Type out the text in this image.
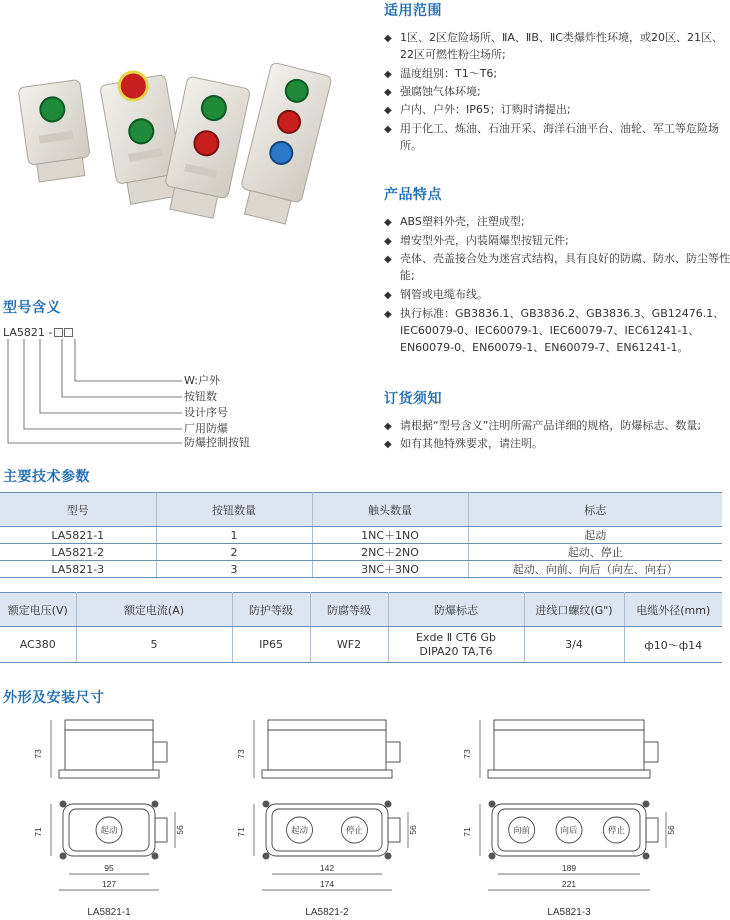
适用范围
◆ 1区、2区危险场所、ⅡA、ⅡB、ⅡC类爆炸性环境，或20区、21区、22区可燃性粉尘场所;
◆ 温度组别：T1～T6;
◆ 强腐蚀气体环境;
◆ 户内、户外：IP65；订购时请提出;
◆ 用于化工、炼油、石油开采、海洋石油平台、油轮、军工等危险场所。
产品特点
◆ ABS塑料外壳，注塑成型;
◆ 增安型外壳，内装隔爆型按钮元件;
◆ 壳体、壳盖接合处为迷宫式结构，具有良好的防腐、防水、防尘等性能;
◆ 钢管或电缆布线。
◆ 执行标准：GB3836.1、GB3836.2、GB3836.3、GB12476.1、IEC60079-0、IEC60079-1、IEC60079-7、IEC61241-1、EN60079-0、EN60079-1、EN60079-7、EN61241-1。
订货须知
◆ 请根据“型号含义”注明所需产品详细的规格，防爆标志、数量;
◆ 如有其他特殊要求，请注明。
型号含义
LA5821 -
W:户外
按钮数
设计序号
厂用防爆
防爆控制按钮
主要技术参数
型号	按钮数量	触头数量	标志
LA5821-1	1	1NC＋1NO	起动
LA5821-2	2	2NC＋2NO	起动、停止
LA5821-3	3	3NC＋3NO	起动、向前、向后（向左、向右）
额定电压(V)	额定电流(A)	防护等级	防腐等级	防爆标志	进线口螺纹(G")	电缆外径(mm)
AC380	5	IP65	WF2	Exde Ⅱ CT6 Gb
DIPA20 TA,T6	3/4	ф10～ф14
外形及安装尺寸
73
起动
71	56
95
127
LA5821-1
73
起动	停止
71	56
142
174
LA5821-2
73
向前	向后	停止
71	56
189
221
LA5821-3
